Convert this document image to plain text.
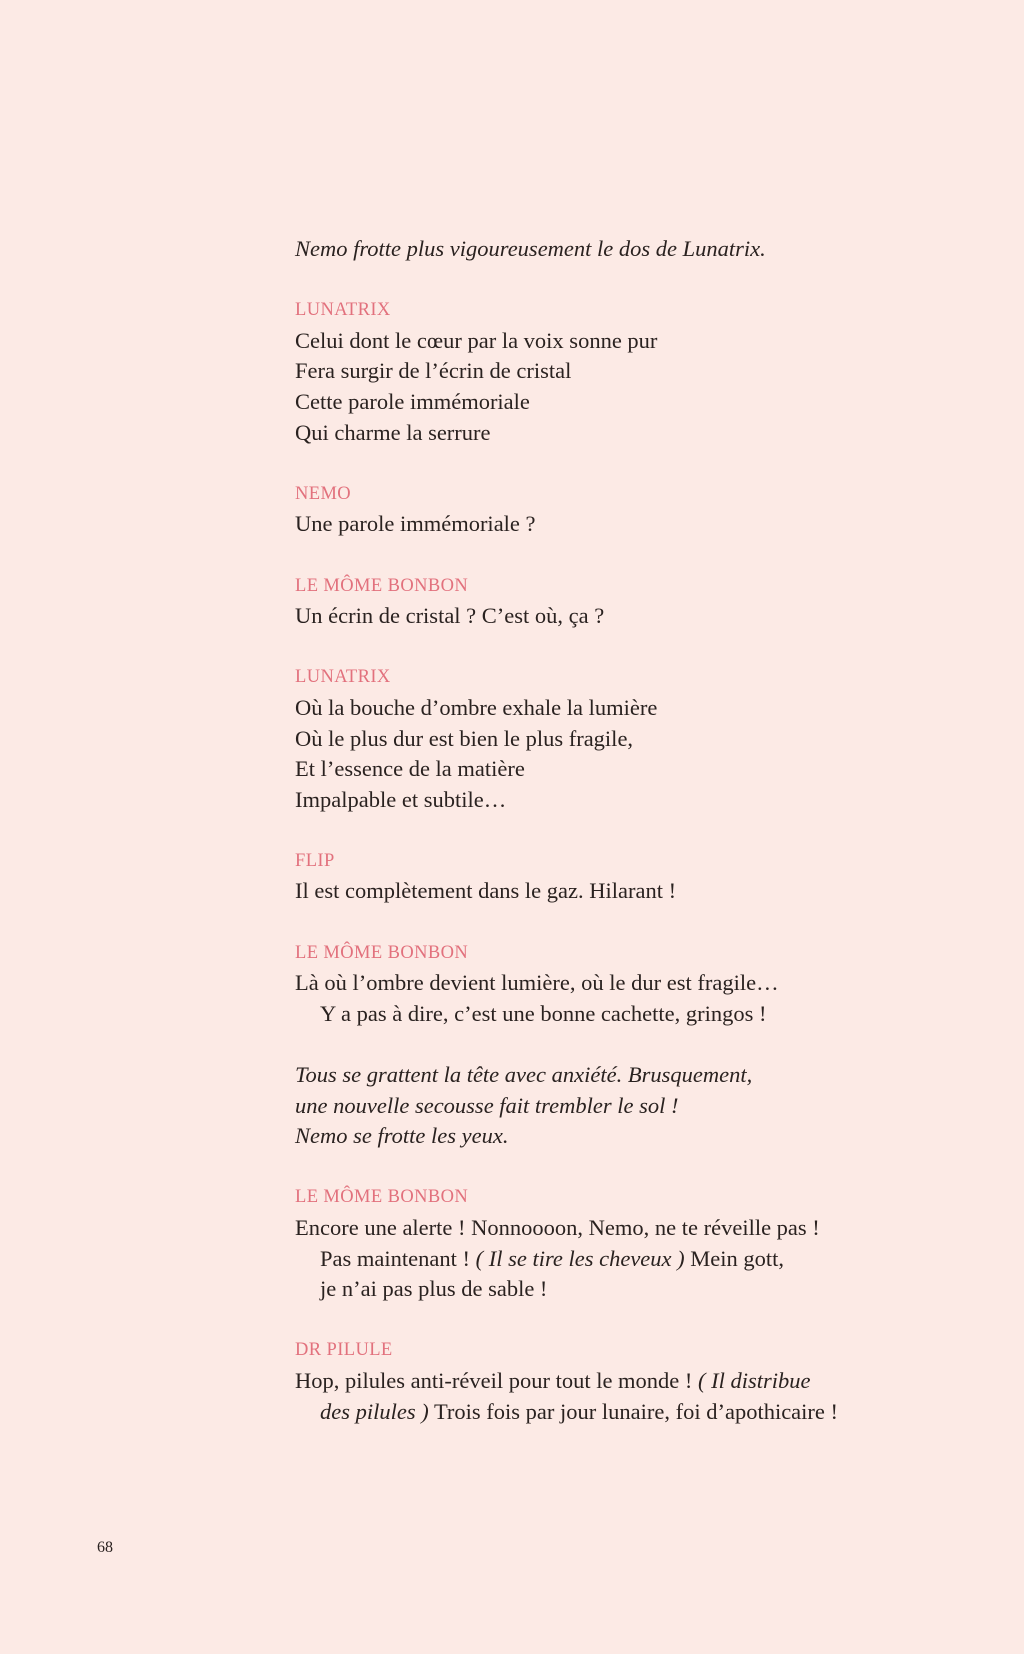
Nemo frotte plus vigoureusement le dos de Lunatrix.
LUNATRIX
Celui dont le cœur par la voix sonne pur
Fera surgir de l’écrin de cristal
Cette parole immémoriale
Qui charme la serrure
NEMO
Une parole immémoriale ?
LE MÔME BONBON
Un écrin de cristal ? C’est où, ça ?
LUNATRIX
Où la bouche d’ombre exhale la lumière
Où le plus dur est bien le plus fragile,
Et l’essence de la matière
Impalpable et subtile…
FLIP
Il est complètement dans le gaz. Hilarant !
LE MÔME BONBON
Là où l’ombre devient lumière, où le dur est fragile…
Y a pas à dire, c’est une bonne cachette, gringos !
Tous se grattent la tête avec anxiété. Brusquement,
une nouvelle secousse fait trembler le sol !
Nemo se frotte les yeux.
LE MÔME BONBON
Encore une alerte ! Nonnoooon, Nemo, ne te réveille pas !
Pas maintenant ! ( Il se tire les cheveux ) Mein gott,
je n’ai pas plus de sable !
DR PILULE
Hop, pilules anti-réveil pour tout le monde ! ( Il distribue
des pilules ) Trois fois par jour lunaire, foi d’apothicaire !
68
